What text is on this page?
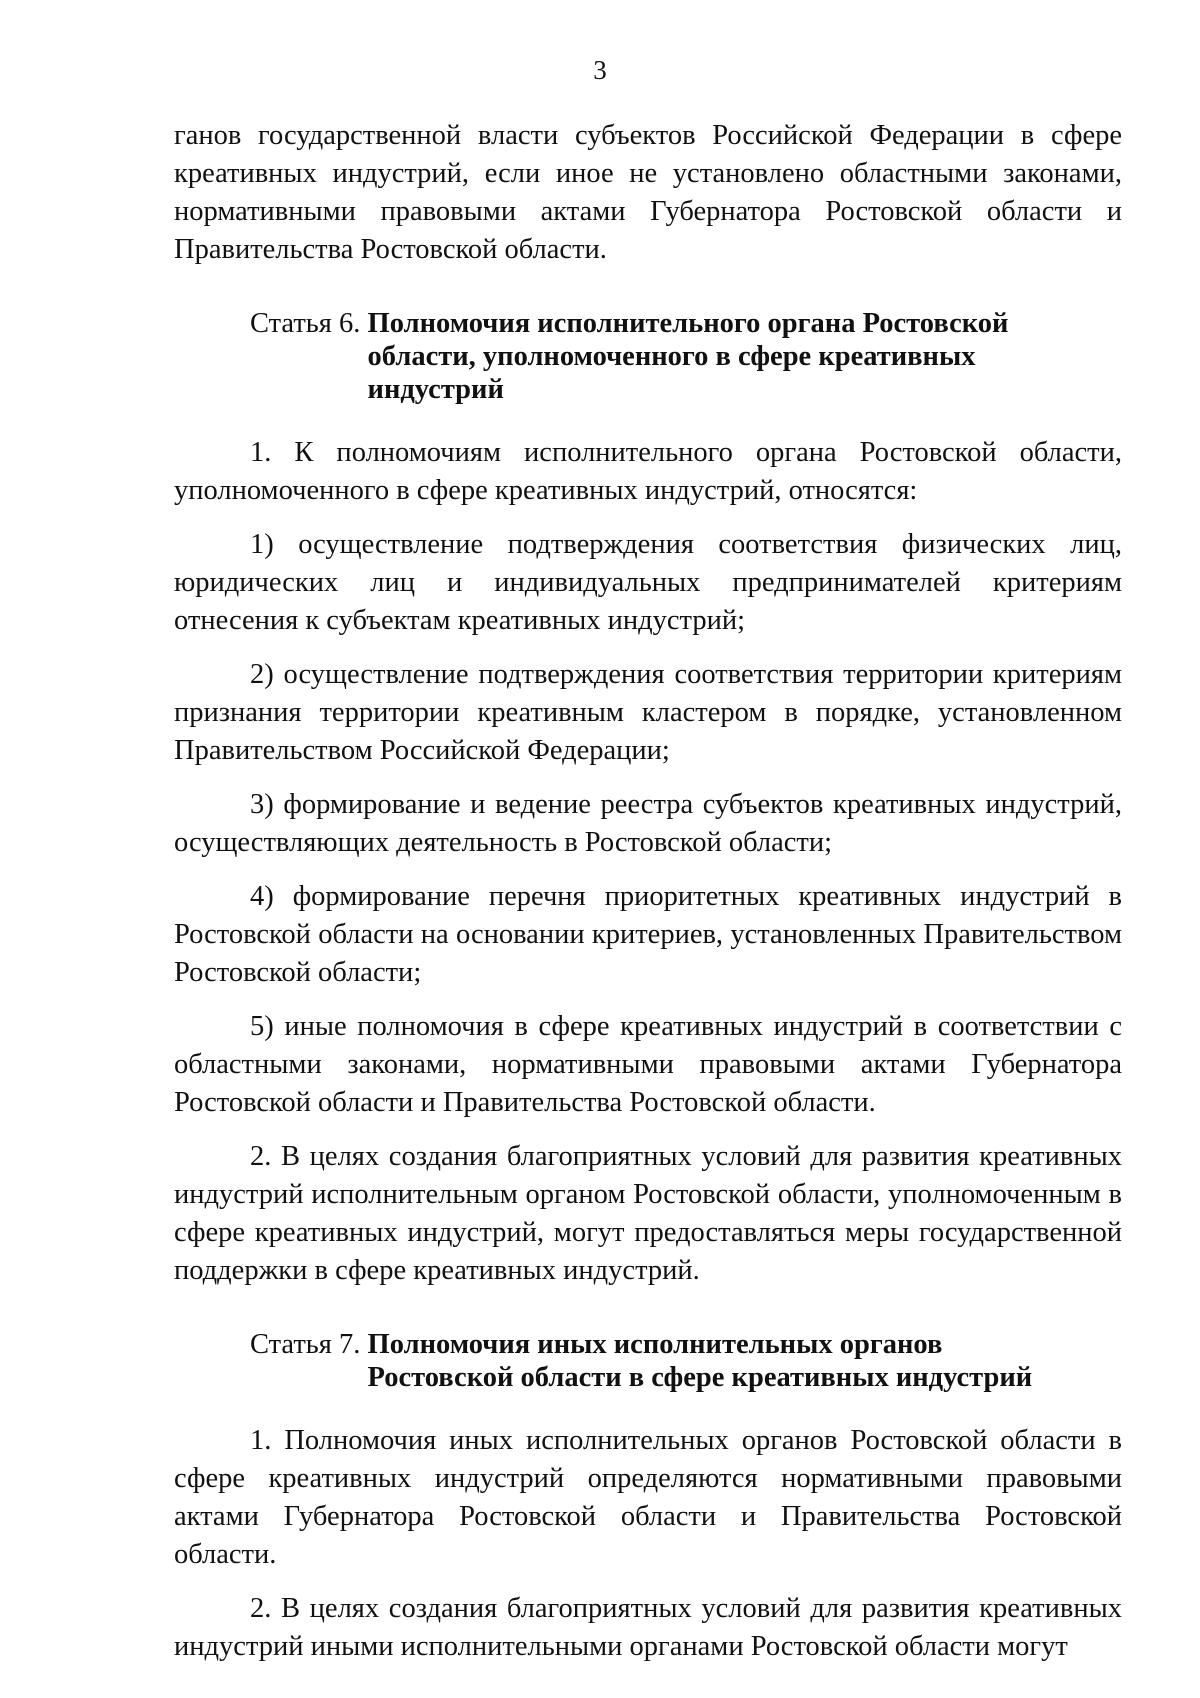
3

ганов государственной власти субъектов Российской Федерации в сфере креативных индустрий, если иное не установлено областными законами, нормативными правовыми актами Губернатора Ростовской области и Правительства Ростовской области.

Статья 6. Полномочия исполнительного органа Ростовской области, уполномоченного в сфере креативных индустрий

1. К полномочиям исполнительного органа Ростовской области, уполномоченного в сфере креативных индустрий, относятся:

1) осуществление подтверждения соответствия физических лиц, юридических лиц и индивидуальных предпринимателей критериям отнесения к субъектам креативных индустрий;

2) осуществление подтверждения соответствия территории критериям признания территории креативным кластером в порядке, установленном Правительством Российской Федерации;

3) формирование и ведение реестра субъектов креативных индустрий, осуществляющих деятельность в Ростовской области;

4) формирование перечня приоритетных креативных индустрий в Ростовской области на основании критериев, установленных Правительством Ростовской области;

5) иные полномочия в сфере креативных индустрий в соответствии с областными законами, нормативными правовыми актами Губернатора Ростовской области и Правительства Ростовской области.

2. В целях создания благоприятных условий для развития креативных индустрий исполнительным органом Ростовской области, уполномоченным в сфере креативных индустрий, могут предоставляться меры государственной поддержки в сфере креативных индустрий.

Статья 7. Полномочия иных исполнительных органов Ростовской области в сфере креативных индустрий

1. Полномочия иных исполнительных органов Ростовской области в сфере креативных индустрий определяются нормативными правовыми актами Губернатора Ростовской области и Правительства Ростовской области.

2. В целях создания благоприятных условий для развития креативных индустрий иными исполнительными органами Ростовской области могут
